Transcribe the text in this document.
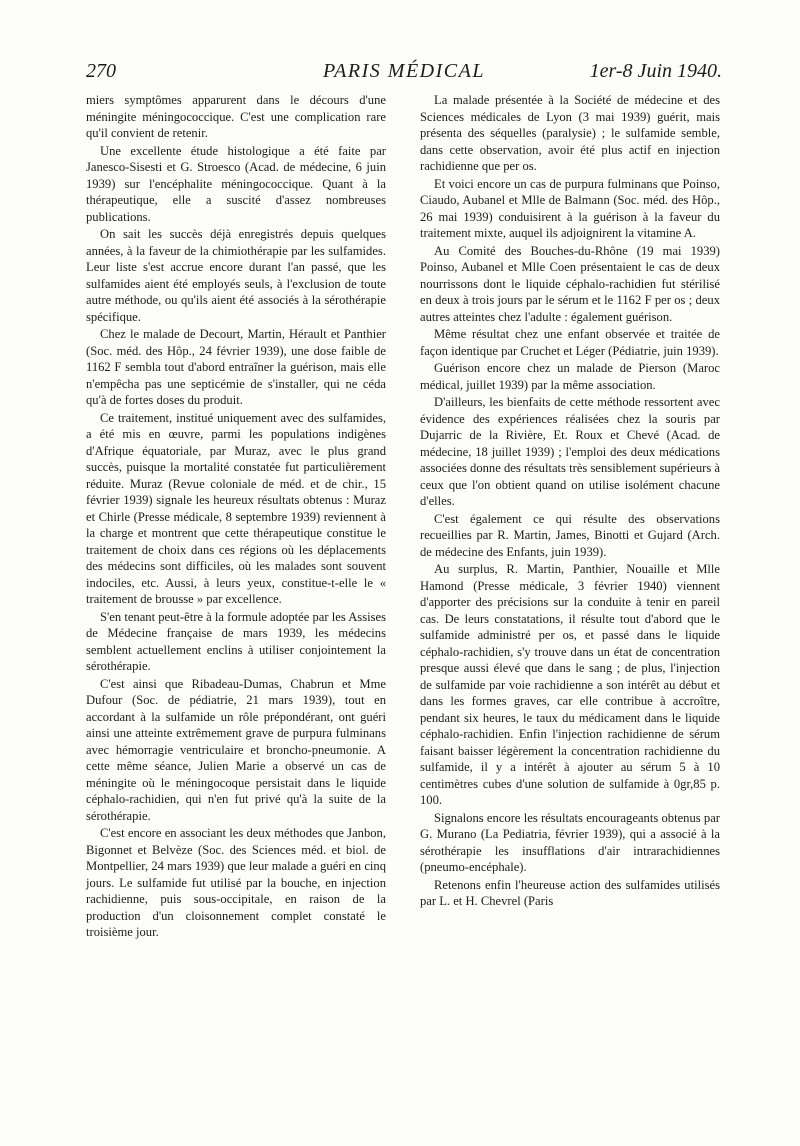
270	PARIS MÉDICAL	1er-8 Juin 1940.

miers symptômes apparurent dans le décours d'une méningite méningococcique. C'est une complication rare qu'il convient de retenir.

Une excellente étude histologique a été faite par Janesco-Sisesti et G. Stroesco (Acad. de médecine, 6 juin 1939) sur l'encéphalite méningococcique. Quant à la thérapeutique, elle a suscité d'assez nombreuses publications.

On sait les succès déjà enregistrés depuis quelques années, à la faveur de la chimiothérapie par les sulfamides. Leur liste s'est accrue encore durant l'an passé, que les sulfamides aient été employés seuls, à l'exclusion de toute autre méthode, ou qu'ils aient été associés à la sérothérapie spécifique.

Chez le malade de Decourt, Martin, Hérault et Panthier (Soc. méd. des Hôp., 24 février 1939), une dose faible de 1162 F sembla tout d'abord entraîner la guérison, mais elle n'empêcha pas une septicémie de s'installer, qui ne céda qu'à de fortes doses du produit.

Ce traitement, institué uniquement avec des sulfamides, a été mis en œuvre, parmi les populations indigènes d'Afrique équatoriale, par Muraz, avec le plus grand succès, puisque la mortalité constatée fut particulièrement réduite. Muraz (Revue coloniale de méd. et de chir., 15 février 1939) signale les heureux résultats obtenus : Muraz et Chirle (Presse médicale, 8 septembre 1939) reviennent à la charge et montrent que cette thérapeutique constitue le traitement de choix dans ces régions où les déplacements des médecins sont difficiles, où les malades sont souvent indociles, etc. Aussi, à leurs yeux, constitue-t-elle le « traitement de brousse » par excellence.

S'en tenant peut-être à la formule adoptée par les Assises de Médecine française de mars 1939, les médecins semblent actuellement enclins à utiliser conjointement la sérothérapie.

C'est ainsi que Ribadeau-Dumas, Chabrun et Mme Dufour (Soc. de pédiatrie, 21 mars 1939), tout en accordant à la sulfamide un rôle prépondérant, ont guéri ainsi une atteinte extrêmement grave de purpura fulminans avec hémorragie ventriculaire et broncho-pneumonie. A cette même séance, Julien Marie a observé un cas de méningite où le méningocoque persistait dans le liquide céphalo-rachidien, qui n'en fut privé qu'à la suite de la sérothérapie.

C'est encore en associant les deux méthodes que Janbon, Bigonnet et Belvèze (Soc. des Sciences méd. et biol. de Montpellier, 24 mars 1939) que leur malade a guéri en cinq jours. Le sulfamide fut utilisé par la bouche, en injection rachidienne, puis sous-occipitale, en raison de la production d'un cloisonnement complet constaté le troisième jour.

La malade présentée à la Société de médecine et des Sciences médicales de Lyon (3 mai 1939) guérit, mais présenta des séquelles (paralysie) ; le sulfamide semble, dans cette observation, avoir été plus actif en injection rachidienne que per os.

Et voici encore un cas de purpura fulminans que Poinso, Ciaudo, Aubanel et Mlle de Balmann (Soc. méd. des Hôp., 26 mai 1939) conduisirent à la guérison à la faveur du traitement mixte, auquel ils adjoignirent la vitamine A.

Au Comité des Bouches-du-Rhône (19 mai 1939) Poinso, Aubanel et Mlle Coen présentaient le cas de deux nourrissons dont le liquide céphalo-rachidien fut stérilisé en deux à trois jours par le sérum et le 1162 F per os ; deux autres atteintes chez l'adulte : également guérison.

Même résultat chez une enfant observée et traitée de façon identique par Cruchet et Léger (Pédiatrie, juin 1939).

Guérison encore chez un malade de Pierson (Maroc médical, juillet 1939) par la même association.

D'ailleurs, les bienfaits de cette méthode ressortent avec évidence des expériences réalisées chez la souris par Dujarric de la Rivière, Et. Roux et Chevé (Acad. de médecine, 18 juillet 1939) ; l'emploi des deux médications associées donne des résultats très sensiblement supérieurs à ceux que l'on obtient quand on utilise isolément chacune d'elles.

C'est également ce qui résulte des observations recueillies par R. Martin, James, Binotti et Gujard (Arch. de médecine des Enfants, juin 1939).

Au surplus, R. Martin, Panthier, Nouaille et Mlle Hamond (Presse médicale, 3 février 1940) viennent d'apporter des précisions sur la conduite à tenir en pareil cas. De leurs constatations, il résulte tout d'abord que le sulfamide administré per os, et passé dans le liquide céphalo-rachidien, s'y trouve dans un état de concentration presque aussi élevé que dans le sang ; de plus, l'injection de sulfamide par voie rachidienne a son intérêt au début et dans les formes graves, car elle contribue à accroître, pendant six heures, le taux du médicament dans le liquide céphalo-rachidien. Enfin l'injection rachidienne de sérum faisant baisser légèrement la concentration rachidienne du sulfamide, il y a intérêt à ajouter au sérum 5 à 10 centimètres cubes d'une solution de sulfamide à 0gr,85 p. 100.

Signalons encore les résultats encourageants obtenus par G. Murano (La Pediatria, février 1939), qui a associé à la sérothérapie les insufflations d'air intrarachidiennes (pneumo-encéphale).

Retenons enfin l'heureuse action des sulfamides utilisés par L. et H. Chevrel (Paris
